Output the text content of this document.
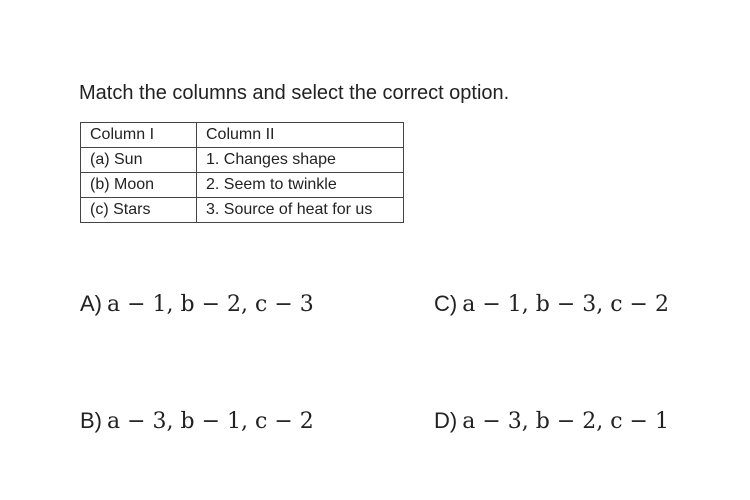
Match the columns and select the correct option.
Column I	Column II
(a) Sun	1. Changes shape
(b) Moon	2. Seem to twinkle
(c) Stars	3. Source of heat for us
A) a − 1, b − 2, c − 3	C) a − 1, b − 3, c − 2
B) a − 3, b − 1, c − 2	D) a − 3, b − 2, c − 1
